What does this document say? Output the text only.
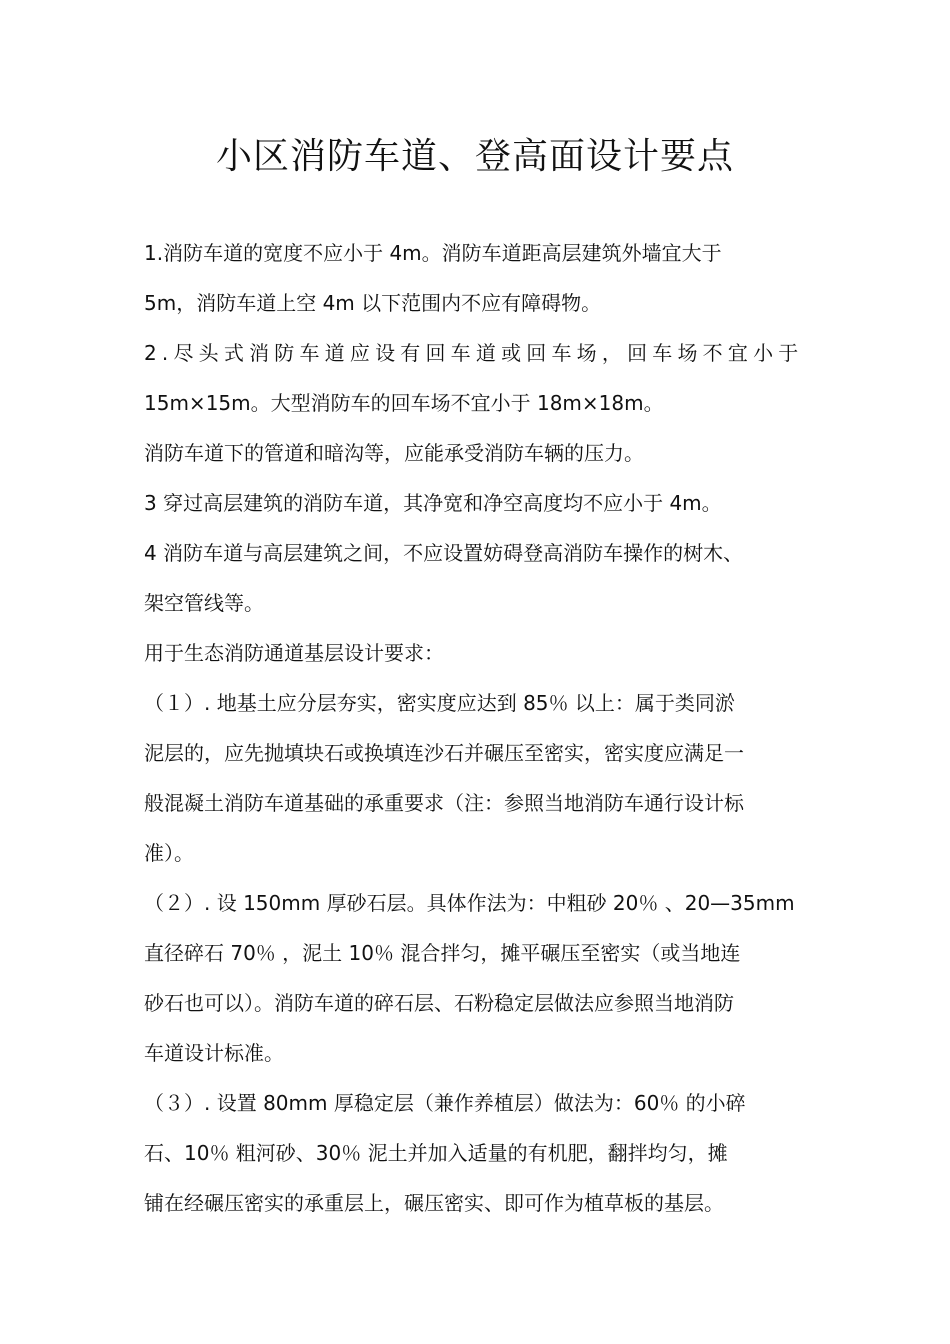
小区消防车道、登高面设计要点

1.消防车道的宽度不应小于 4m。消防车道距高层建筑外墙宜大于
5m，消防车道上空 4m 以下范围内不应有障碍物。

2.尽头式消防车道应设有回车道或回车场，回车场不宜小于
15m×15m。大型消防车的回车场不宜小于 18m×18m。

消防车道下的管道和暗沟等，应能承受消防车辆的压力。

3 穿过高层建筑的消防车道，其净宽和净空高度均不应小于 4m。

4 消防车道与高层建筑之间，不应设置妨碍登高消防车操作的树木、
架空管线等。

用于生态消防通道基层设计要求：

（１）. 地基土应分层夯实，密实度应达到 85％ 以上：属于类同淤
泥层的，应先抛填块石或换填连沙石并碾压至密实，密实度应满足一
般混凝土消防车道基础的承重要求（注：参照当地消防车通行设计标
准）。

（２）. 设 150mm 厚砂石层。具体作法为：中粗砂 20％ 、20—35mm
直径碎石 70％ ，泥土 10％ 混合拌匀，摊平碾压至密实（或当地连
砂石也可以）。消防车道的碎石层、石粉稳定层做法应参照当地消防
车道设计标准。

（３）. 设置 80mm 厚稳定层（兼作养植层）做法为：60％ 的小碎
石、10％ 粗河砂、30％ 泥土并加入适量的有机肥，翻拌均匀，摊
铺在经碾压密实的承重层上，碾压密实、即可作为植草板的基层。
